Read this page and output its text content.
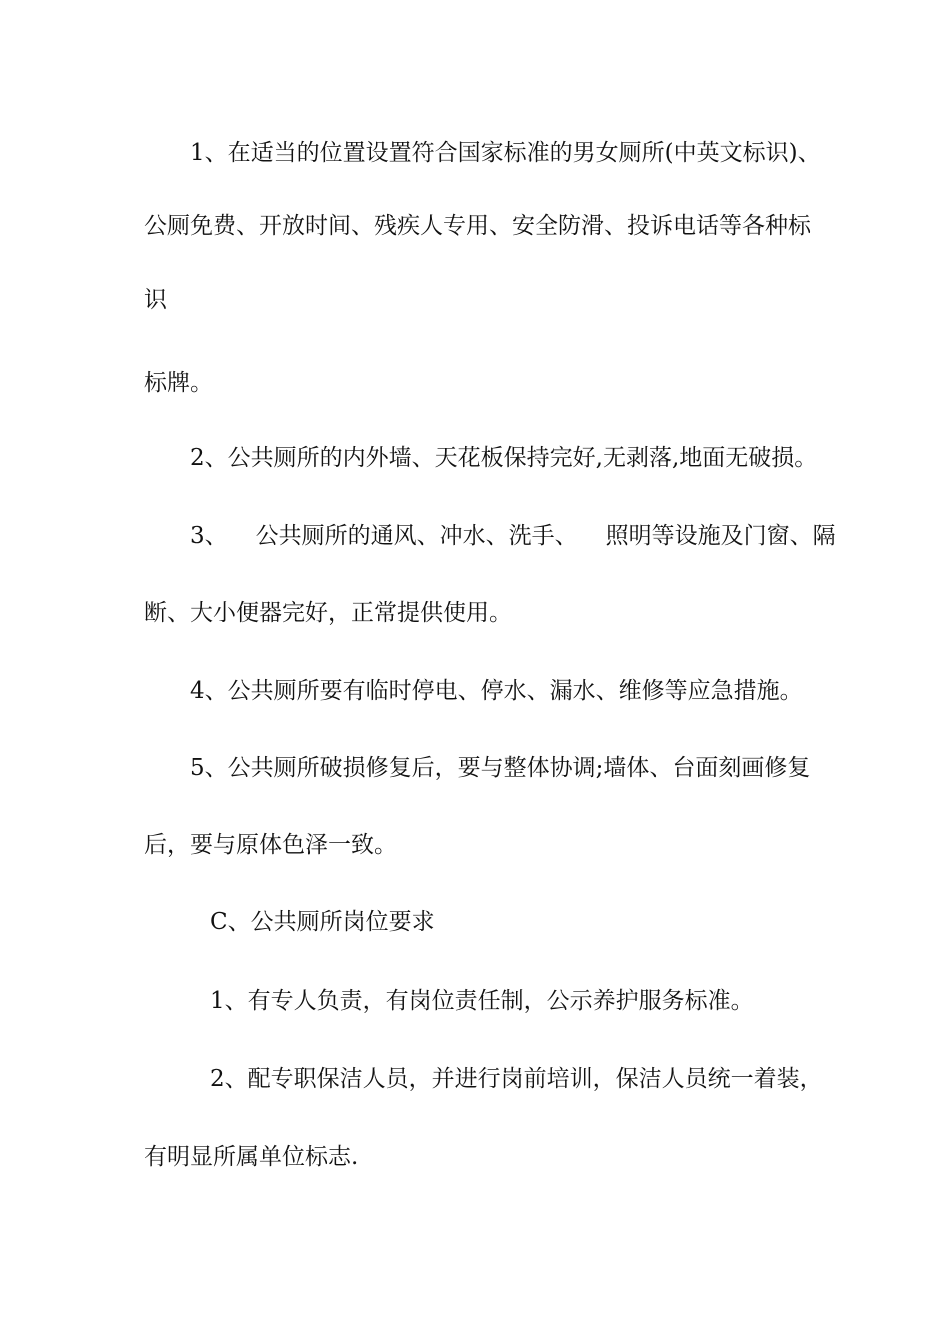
1、在适当的位置设置符合国家标准的男女厕所(中英文标识)、
公厕免费、开放时间、残疾人专用、安全防滑、投诉电话等各种标
识
标牌。
2、公共厕所的内外墙、天花板保持完好,无剥落,地面无破损。
3、 公共厕所的通风、冲水、洗手、 照明等设施及门窗、隔
断、大小便器完好，正常提供使用。
4、公共厕所要有临时停电、停水、漏水、维修等应急措施。
5、公共厕所破损修复后，要与整体协调;墙体、台面刻画修复
后，要与原体色泽一致。
C、公共厕所岗位要求
1、有专人负责，有岗位责任制，公示养护服务标准。
2、配专职保洁人员，并进行岗前培训，保洁人员统一着装，
有明显所属单位标志.
